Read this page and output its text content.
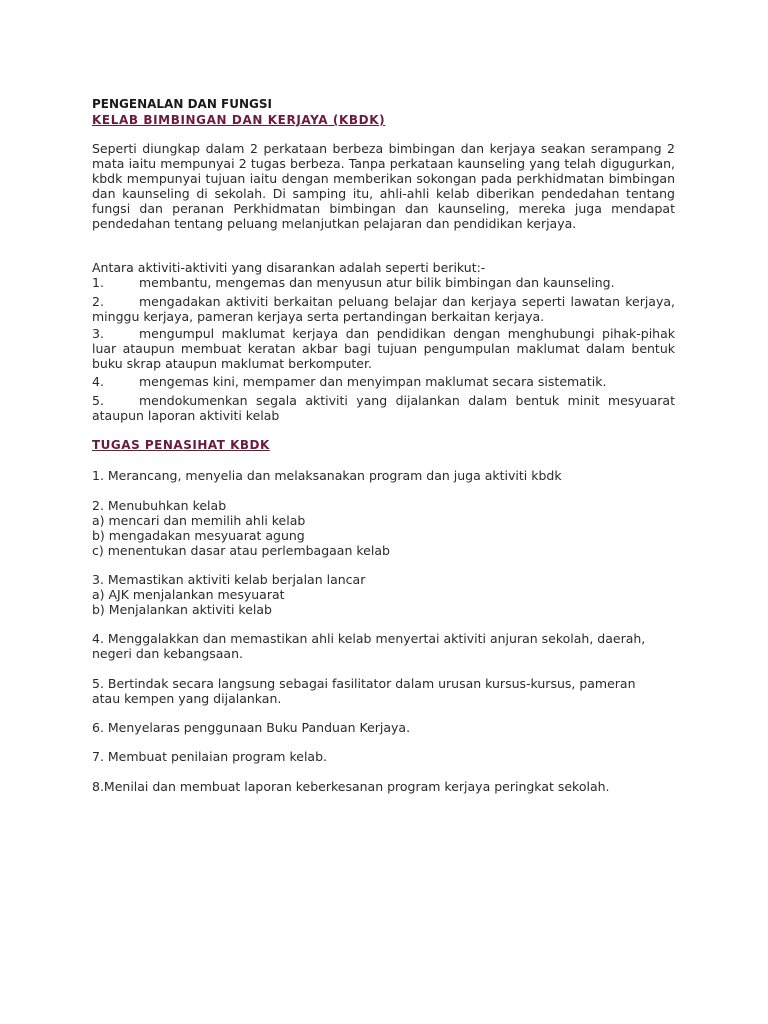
PENGENALAN DAN FUNGSI
KELAB BIMBINGAN DAN KERJAYA (KBDK)
Seperti diungkap dalam 2 perkataan berbeza bimbingan dan kerjaya seakan serampang 2 mata iaitu mempunyai 2 tugas berbeza. Tanpa perkataan kaunseling yang telah digugurkan, kbdk mempunyai tujuan iaitu dengan memberikan sokongan pada perkhidmatan bimbingan dan kaunseling di sekolah. Di samping itu, ahli-ahli kelab diberikan pendedahan tentang fungsi dan peranan Perkhidmatan bimbingan dan kaunseling, mereka juga mendapat pendedahan tentang peluang melanjutkan pelajaran dan pendidikan kerjaya.
Antara aktiviti-aktiviti yang disarankan adalah seperti berikut:-
1.	membantu, mengemas dan menyusun atur bilik bimbingan dan kaunseling.
2.	mengadakan aktiviti berkaitan peluang belajar dan kerjaya seperti lawatan kerjaya, minggu kerjaya, pameran kerjaya serta pertandingan berkaitan kerjaya.
3.	mengumpul maklumat kerjaya dan pendidikan dengan menghubungi pihak-pihak luar ataupun membuat keratan akbar bagi tujuan pengumpulan maklumat dalam bentuk buku skrap ataupun maklumat berkomputer.
4.	mengemas kini, mempamer dan menyimpan maklumat secara sistematik.
5.	mendokumenkan segala aktiviti yang dijalankan dalam bentuk minit mesyuarat ataupun laporan aktiviti kelab
TUGAS PENASIHAT KBDK
1. Merancang, menyelia dan melaksanakan program dan juga aktiviti kbdk
2. Menubuhkan kelab
a) mencari dan memilih ahli kelab
b) mengadakan mesyuarat agung
c) menentukan dasar atau perlembagaan kelab
3. Memastikan aktiviti kelab berjalan lancar
a) AJK menjalankan mesyuarat
b) Menjalankan aktiviti kelab
4. Menggalakkan dan memastikan ahli kelab menyertai aktiviti anjuran sekolah, daerah,
negeri dan kebangsaan.
5. Bertindak secara langsung sebagai fasilitator dalam urusan kursus-kursus, pameran
atau kempen yang dijalankan.
6. Menyelaras penggunaan Buku Panduan Kerjaya.
7. Membuat penilaian program kelab.
8.Menilai dan membuat laporan keberkesanan program kerjaya peringkat sekolah.
